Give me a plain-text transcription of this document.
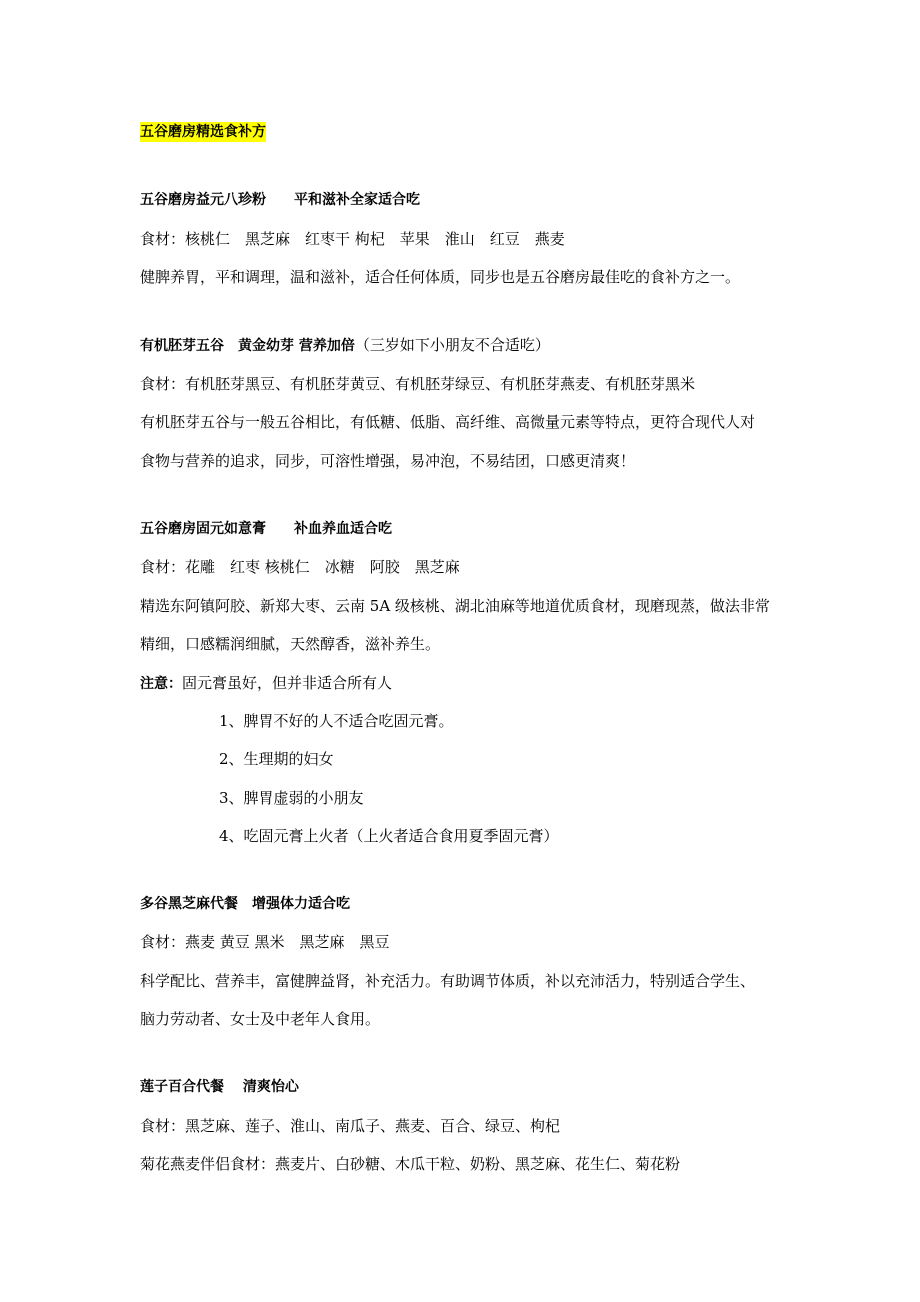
五谷磨房精选食补方
五谷磨房益元八珍粉　　平和滋补全家适合吃
食材：核桃仁　黑芝麻　红枣干 枸杞　苹果　淮山　红豆　燕麦
健脾养胃，平和调理，温和滋补，适合任何体质，同步也是五谷磨房最佳吃的食补方之一。
有机胚芽五谷　黄金幼芽 营养加倍（三岁如下小朋友不合适吃）
食材：有机胚芽黑豆、有机胚芽黄豆、有机胚芽绿豆、有机胚芽燕麦、有机胚芽黑米
有机胚芽五谷与一般五谷相比，有低糖、低脂、高纤维、高微量元素等特点，更符合现代人对
食物与营养的追求，同步，可溶性增强，易冲泡，不易结团，口感更清爽！
五谷磨房固元如意膏　　补血养血适合吃
食材：花雕　红枣 核桃仁　冰糖　阿胶　黑芝麻
精选东阿镇阿胶、新郑大枣、云南 5A 级核桃、湖北油麻等地道优质食材，现磨现蒸，做法非常
精细，口感糯润细腻，天然醇香，滋补养生。
注意：固元膏虽好，但并非适合所有人
1、脾胃不好的人不适合吃固元膏。
2、生理期的妇女
3、脾胃虚弱的小朋友
4、吃固元膏上火者（上火者适合食用夏季固元膏）
多谷黑芝麻代餐　增强体力适合吃
食材：燕麦 黄豆 黑米　黑芝麻　黑豆
科学配比、营养丰，富健脾益肾，补充活力。有助调节体质，补以充沛活力，特别适合学生、
脑力劳动者、女士及中老年人食用。
莲子百合代餐　 清爽怡心
食材：黑芝麻、莲子、淮山、南瓜子、燕麦、百合、绿豆、枸杞
菊花燕麦伴侣食材：燕麦片、白砂糖、木瓜干粒、奶粉、黑芝麻、花生仁、菊花粉
